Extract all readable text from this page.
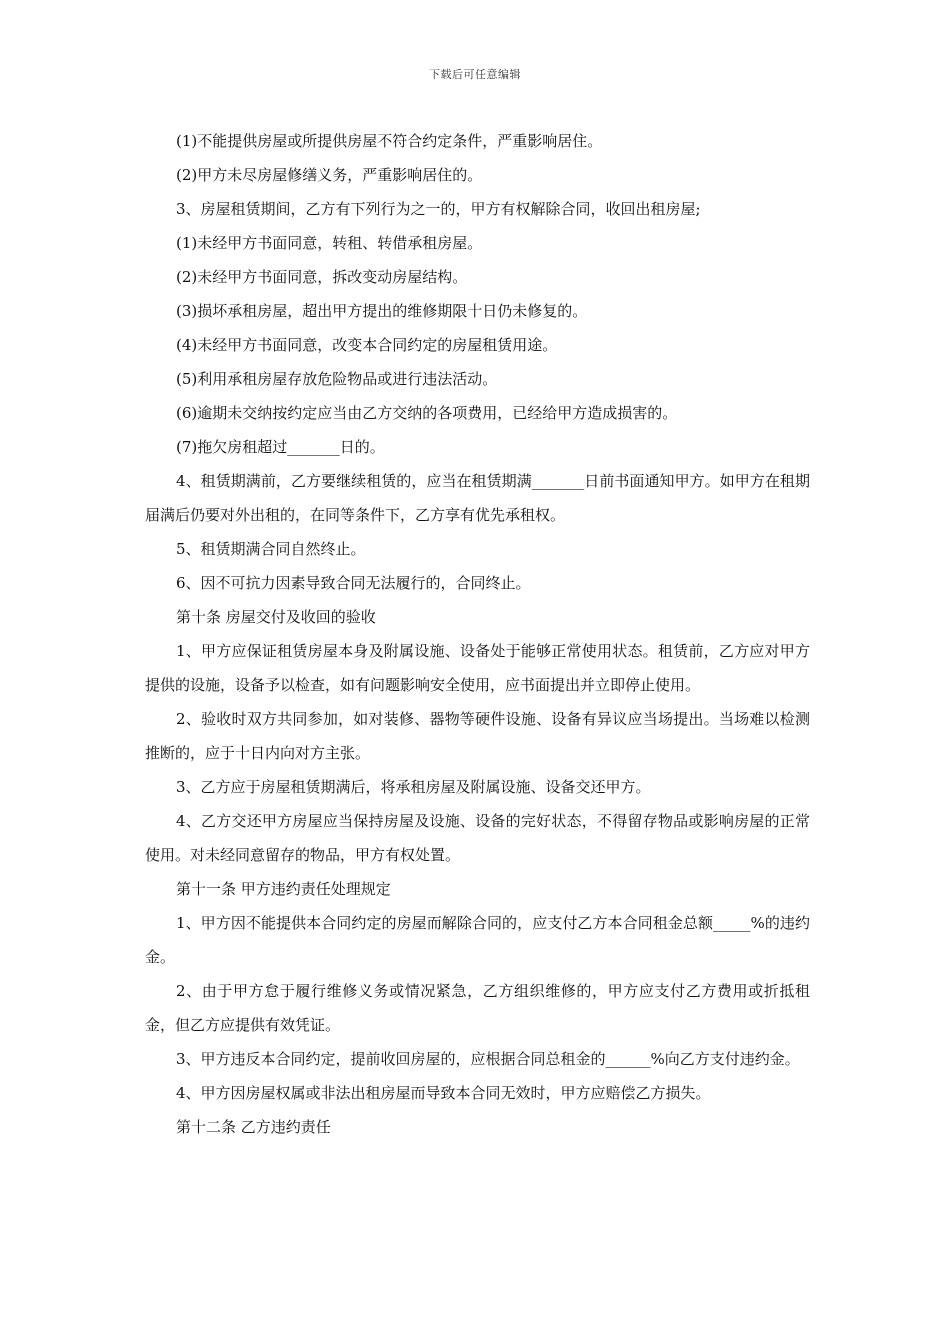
下载后可任意编辑

(1)不能提供房屋或所提供房屋不符合约定条件，严重影响居住。

(2)甲方未尽房屋修缮义务，严重影响居住的。

3、房屋租赁期间，乙方有下列行为之一的，甲方有权解除合同，收回出租房屋;

(1)未经甲方书面同意，转租、转借承租房屋。

(2)未经甲方书面同意，拆改变动房屋结构。

(3)损坏承租房屋，超出甲方提出的维修期限十日仍未修复的。

(4)未经甲方书面同意，改变本合同约定的房屋租赁用途。

(5)利用承租房屋存放危险物品或进行违法活动。

(6)逾期未交纳按约定应当由乙方交纳的各项费用，已经给甲方造成损害的。

(7)拖欠房租超过_______日的。

4、租赁期满前，乙方要继续租赁的，应当在租赁期满_______日前书面通知甲方。如甲方在租期届满后仍要对外出租的，在同等条件下，乙方享有优先承租权。

5、租赁期满合同自然终止。

6、因不可抗力因素导致合同无法履行的，合同终止。

第十条 房屋交付及收回的验收

1、甲方应保证租赁房屋本身及附属设施、设备处于能够正常使用状态。租赁前，乙方应对甲方提供的设施，设备予以检查，如有问题影响安全使用，应书面提出并立即停止使用。

2、验收时双方共同参加，如对装修、器物等硬件设施、设备有异议应当场提出。当场难以检测推断的，应于十日内向对方主张。

3、乙方应于房屋租赁期满后，将承租房屋及附属设施、设备交还甲方。

4、乙方交还甲方房屋应当保持房屋及设施、设备的完好状态，不得留存物品或影响房屋的正常使用。对未经同意留存的物品，甲方有权处置。

第十一条 甲方违约责任处理规定

1、甲方因不能提供本合同约定的房屋而解除合同的，应支付乙方本合同租金总额_____%的违约金。

2、由于甲方怠于履行维修义务或情况紧急，乙方组织维修的，甲方应支付乙方费用或折抵租金，但乙方应提供有效凭证。

3、甲方违反本合同约定，提前收回房屋的，应根据合同总租金的______%向乙方支付违约金。

4、甲方因房屋权属或非法出租房屋而导致本合同无效时，甲方应赔偿乙方损失。

第十二条 乙方违约责任
